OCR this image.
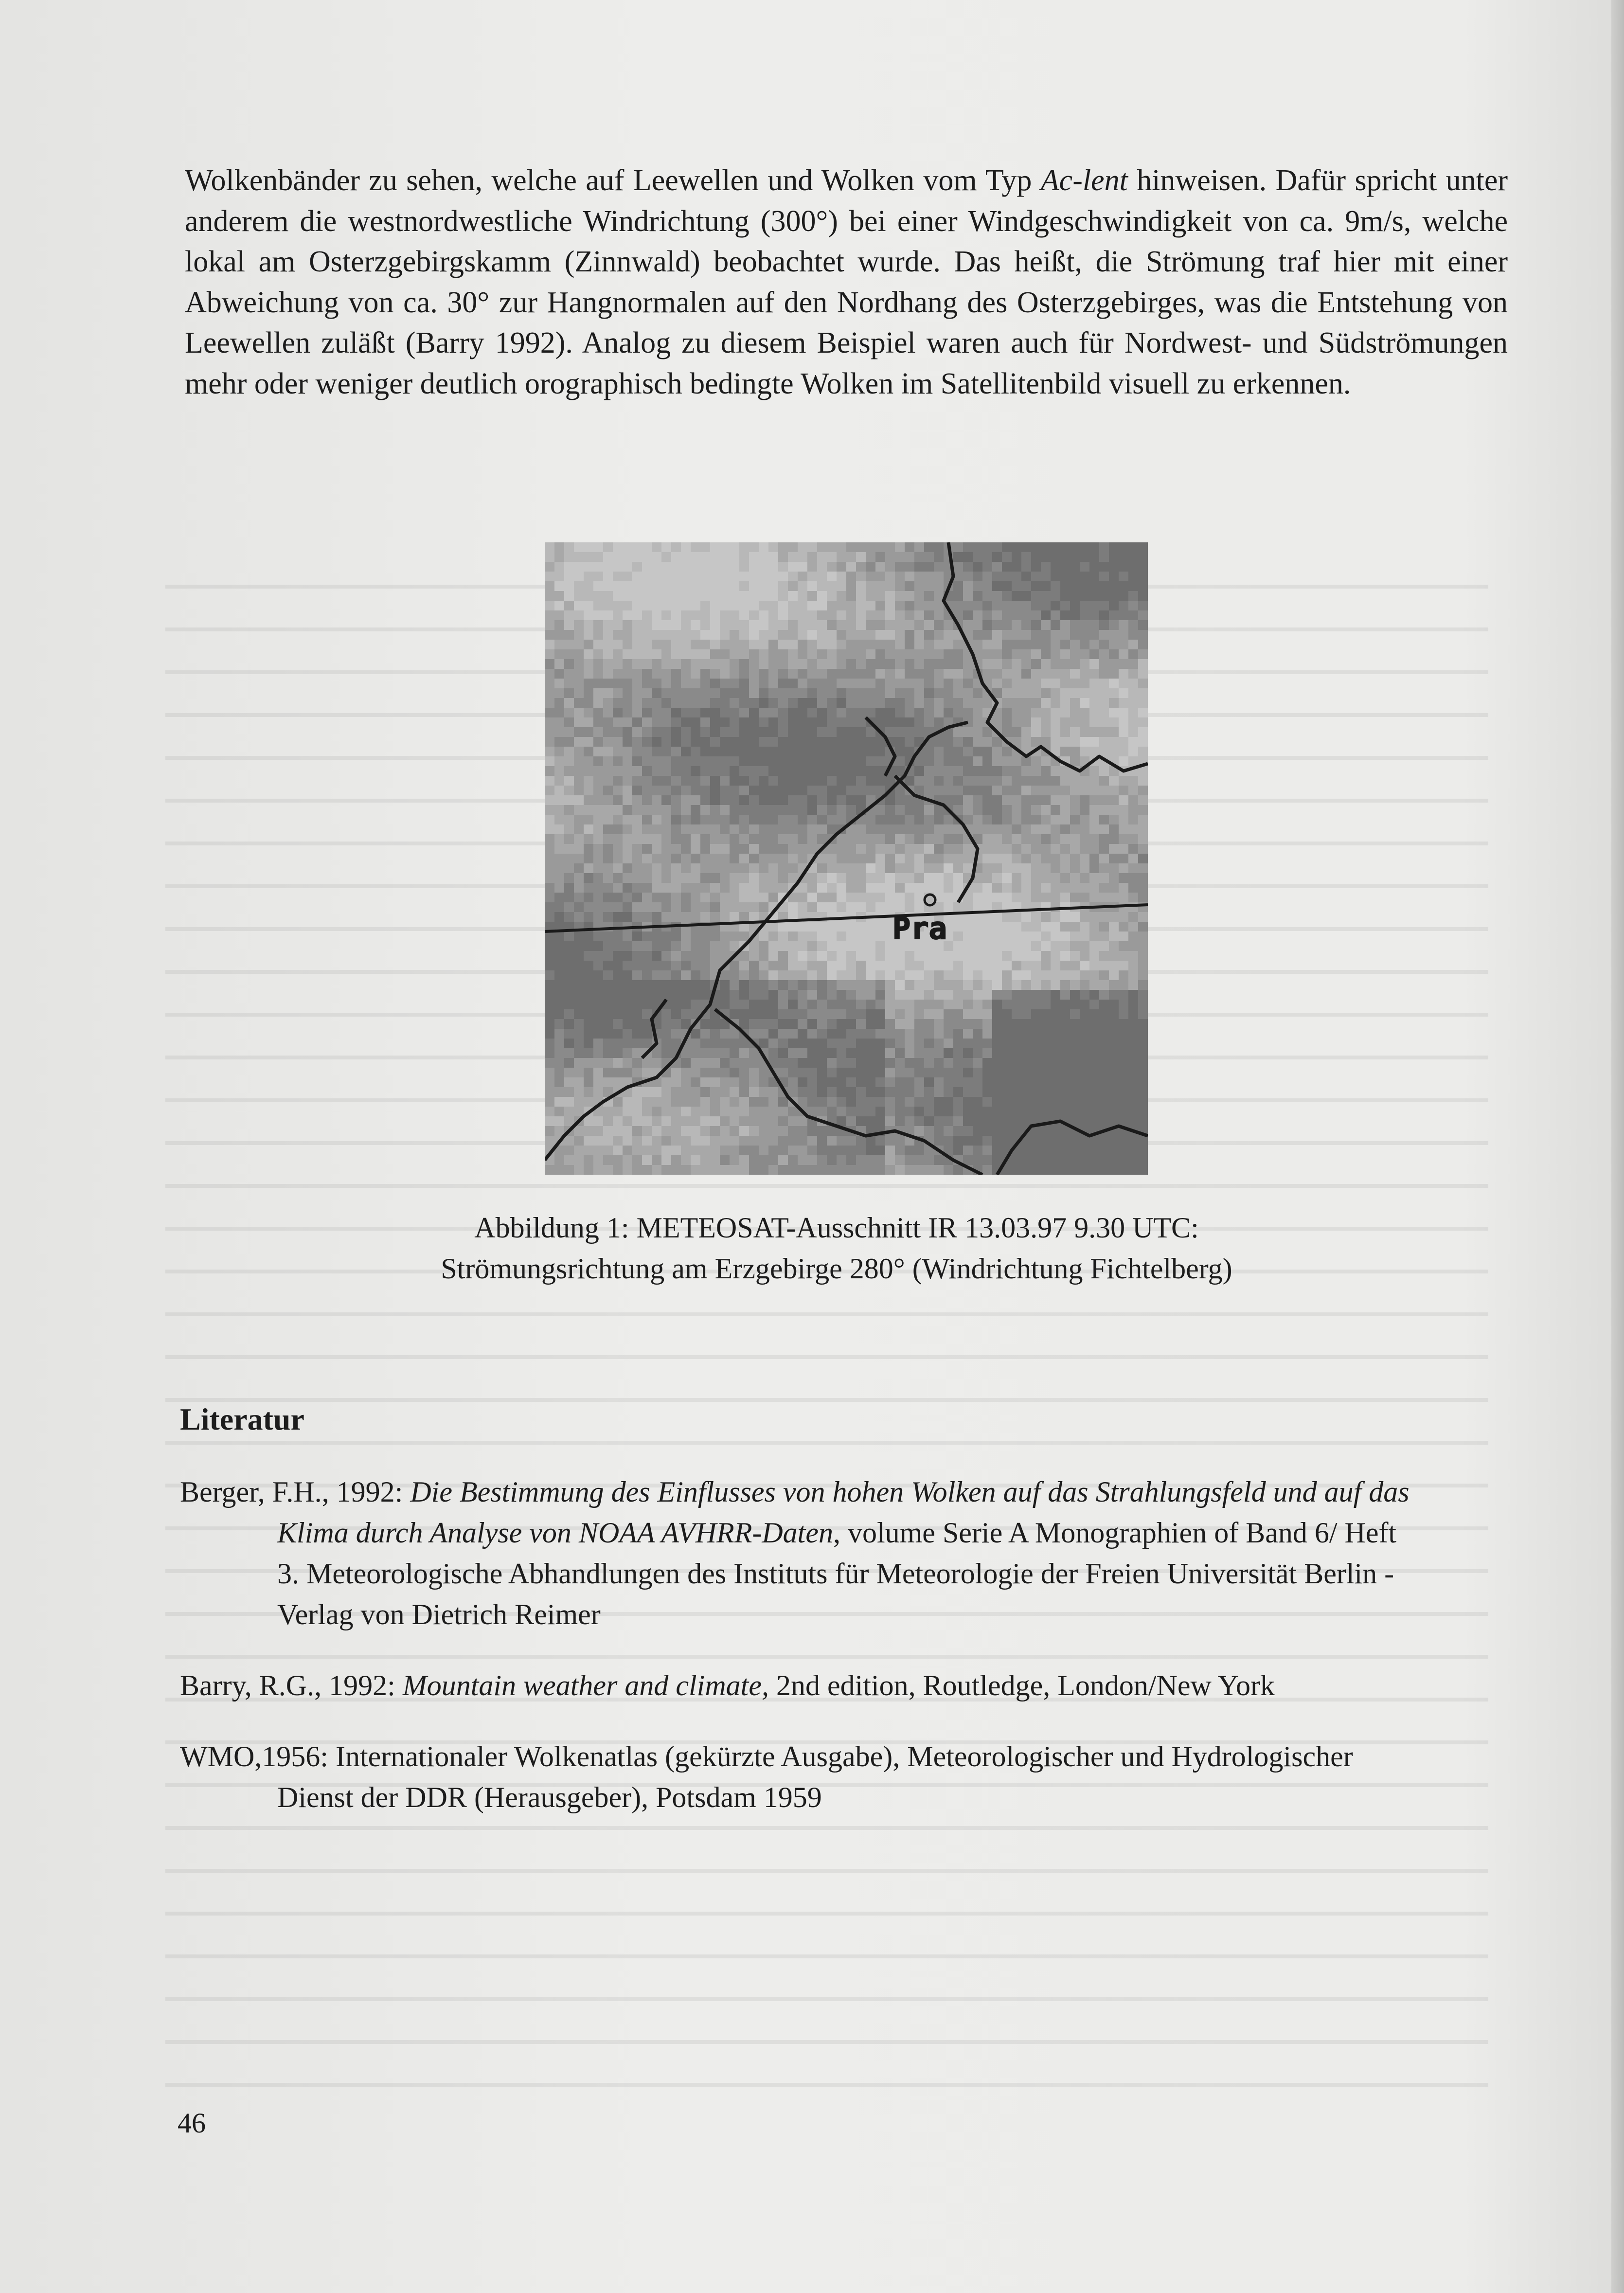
Wolkenbänder zu sehen, welche auf Leewellen und Wolken vom Typ Ac-lent hinweisen. Dafür spricht unter anderem die westnordwestliche Windrichtung (300°) bei einer Windgeschwindigkeit von ca. 9m/s, welche lokal am Osterzgebirgskamm (Zinnwald) beobachtet wurde. Das heißt, die Strömung traf hier mit einer Abweichung von ca. 30° zur Hangnormalen auf den Nordhang des Osterzgebirges, was die Entstehung von Leewellen zuläßt (Barry 1992). Analog zu diesem Beispiel waren auch für Nordwest- und Südströmungen mehr oder weniger deutlich orographisch bedingte Wolken im Satellitenbild visuell zu erkennen.

Pra
Abbildung 1: METEOSAT-Ausschnitt IR 13.03.97 9.30 UTC:
Strömungsrichtung am Erzgebirge 280° (Windrichtung Fichtelberg)
Literatur
Berger, F.H., 1992: Die Bestimmung des Einflusses von hohen Wolken auf das Strahlungsfeld und auf das Klima durch Analyse von NOAA AVHRR-Daten, volume Serie A Monographien of Band 6/ Heft 3. Meteorologische Abhandlungen des Instituts für Meteorologie der Freien Universität Berlin - Verlag von Dietrich Reimer
Barry, R.G., 1992: Mountain weather and climate, 2nd edition, Routledge, London/New York
WMO,1956: Internationaler Wolkenatlas (gekürzte Ausgabe), Meteorologischer und Hydrologischer Dienst der DDR (Herausgeber), Potsdam 1959
46
